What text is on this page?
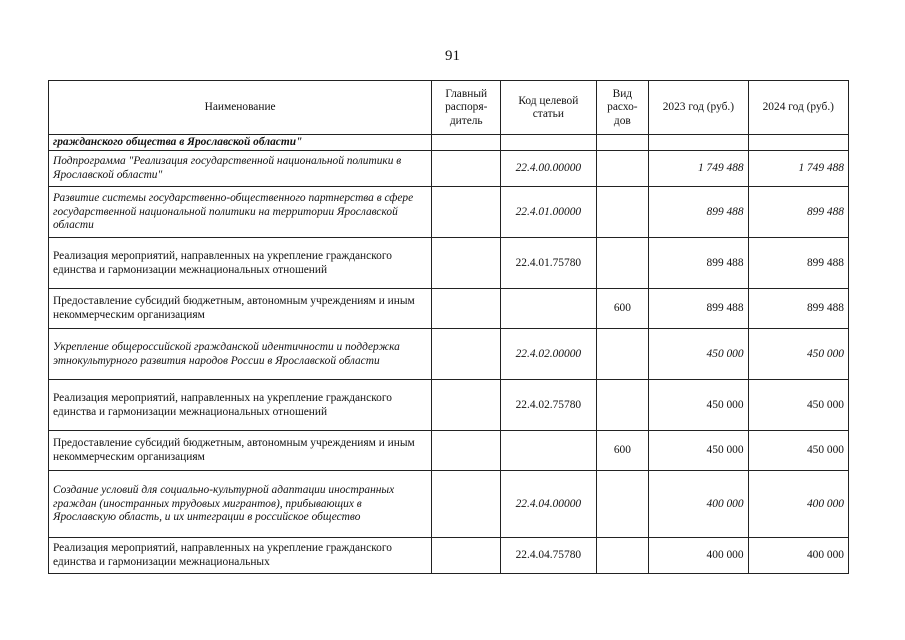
91
Наименование	Главный распоря-дитель	Код целевой статьи	Вид расхо-дов	2023 год (руб.)	2024 год (руб.)
гражданского общества в Ярославской области"					
Подпрограмма "Реализация государственной национальной политики в Ярославской области"		22.4.00.00000		1 749 488	1 749 488
Развитие системы государственно-общественного партнерства в сфере государственной национальной политики на территории Ярославской области		22.4.01.00000		899 488	899 488
Реализация мероприятий, направленных на укрепление гражданского единства и гармонизации межнациональных отношений		22.4.01.75780		899 488	899 488
Предоставление субсидий бюджетным, автономным учреждениям и иным некоммерческим организациям			600	899 488	899 488
Укрепление общероссийской гражданской идентичности и поддержка этнокультурного развития народов России в Ярославской области		22.4.02.00000		450 000	450 000
Реализация мероприятий, направленных на укрепление гражданского единства и гармонизации межнациональных отношений		22.4.02.75780		450 000	450 000
Предоставление субсидий бюджетным, автономным учреждениям и иным некоммерческим организациям			600	450 000	450 000
Создание условий для социально-культурной адаптации иностранных граждан (иностранных трудовых мигрантов), прибывающих в Ярославскую область, и их интеграции в российское общество		22.4.04.00000		400 000	400 000
Реализация мероприятий, направленных на укрепление гражданского единства и гармонизации межнациональных		22.4.04.75780		400 000	400 000
